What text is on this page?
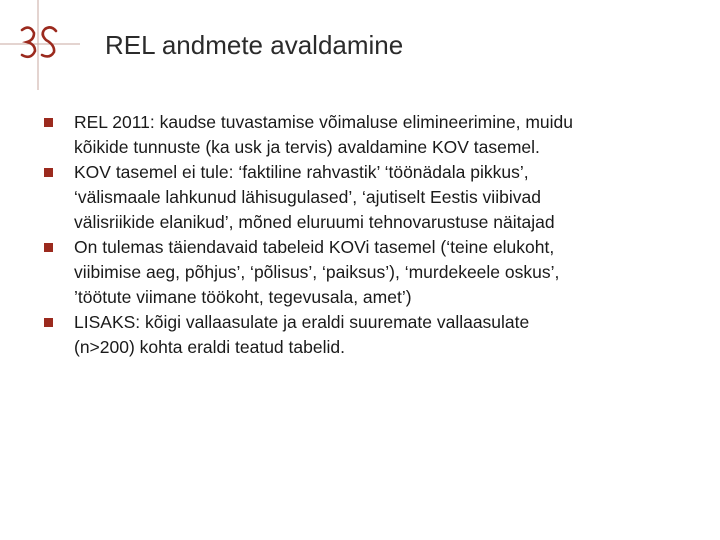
REL andmete avaldamine
REL 2011: kaudse tuvastamise võimaluse elimineerimine, muidu
kõikide tunnuste (ka usk ja tervis) avaldamine KOV tasemel.
KOV tasemel ei tule: ‘faktiline rahvastik’ ‘töönädala pikkus’,
‘välismaale lahkunud lähisugulased’, ‘ajutiselt Eestis viibivad
välisriikide elanikud’, mõned eluruumi tehnovarustuse näitajad
On tulemas täiendavaid tabeleid KOVi tasemel (‘teine elukoht,
viibimise aeg, põhjus’, ‘põlisus’, ‘paiksus’), ‘murdekeele oskus’,
’töötute viimane töökoht, tegevusala, amet’)
LISAKS: kõigi vallaasulate ja eraldi suuremate vallaasulate
(n>200) kohta eraldi teatud tabelid.
